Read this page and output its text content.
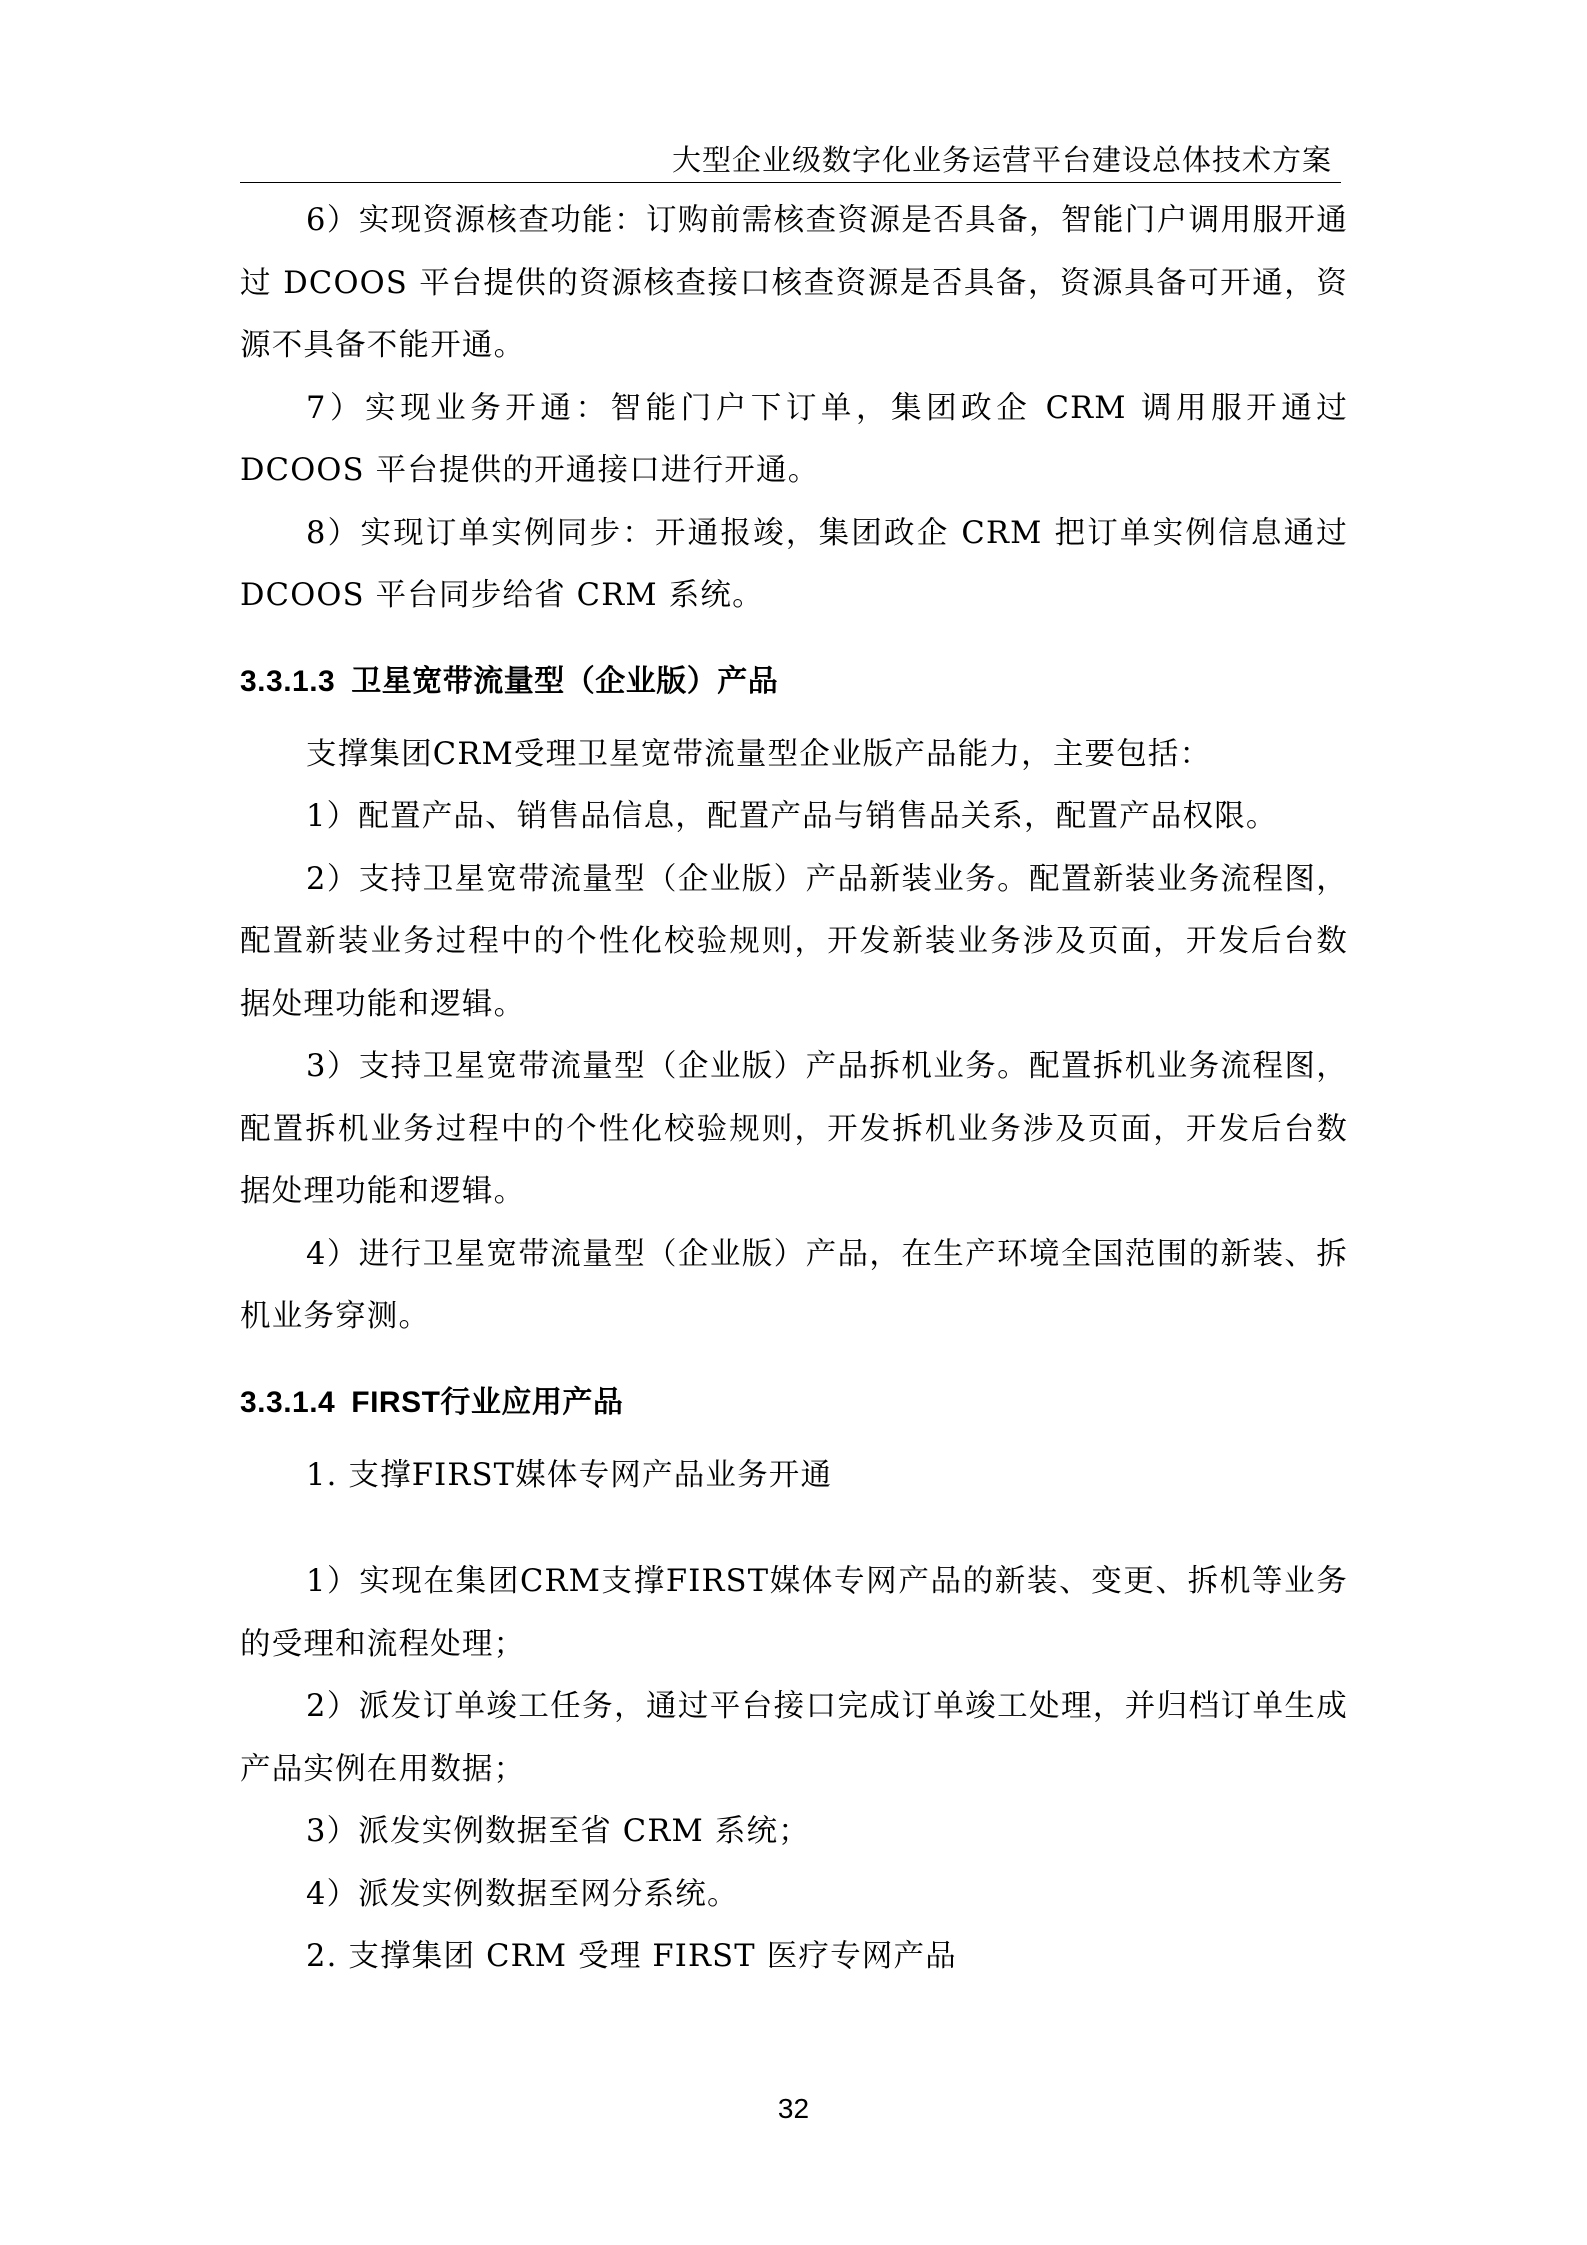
大型企业级数字化业务运营平台建设总体技术方案

6）实现资源核查功能：订购前需核查资源是否具备，智能门户调用服开通过 DCOOS 平台提供的资源核查接口核查资源是否具备，资源具备可开通，资源不具备不能开通。

7）实现业务开通：智能门户下订单，集团政企 CRM 调用服开通过 DCOOS 平台提供的开通接口进行开通。

8）实现订单实例同步：开通报竣，集团政企 CRM 把订单实例信息通过 DCOOS 平台同步给省 CRM 系统。

3.3.1.3 卫星宽带流量型（企业版）产品

支撑集团CRM受理卫星宽带流量型企业版产品能力，主要包括：

1）配置产品、销售品信息，配置产品与销售品关系，配置产品权限。

2）支持卫星宽带流量型（企业版）产品新装业务。配置新装业务流程图，配置新装业务过程中的个性化校验规则，开发新装业务涉及页面，开发后台数据处理功能和逻辑。

3）支持卫星宽带流量型（企业版）产品拆机业务。配置拆机业务流程图，配置拆机业务过程中的个性化校验规则，开发拆机业务涉及页面，开发后台数据处理功能和逻辑。

4）进行卫星宽带流量型（企业版）产品，在生产环境全国范围的新装、拆机业务穿测。

3.3.1.4 FIRST行业应用产品

1. 支撑FIRST媒体专网产品业务开通

1）实现在集团CRM支撑FIRST媒体专网产品的新装、变更、拆机等业务的受理和流程处理；

2）派发订单竣工任务，通过平台接口完成订单竣工处理，并归档订单生成产品实例在用数据；

3）派发实例数据至省 CRM 系统；

4）派发实例数据至网分系统。

2. 支撑集团 CRM 受理 FIRST 医疗专网产品

32
